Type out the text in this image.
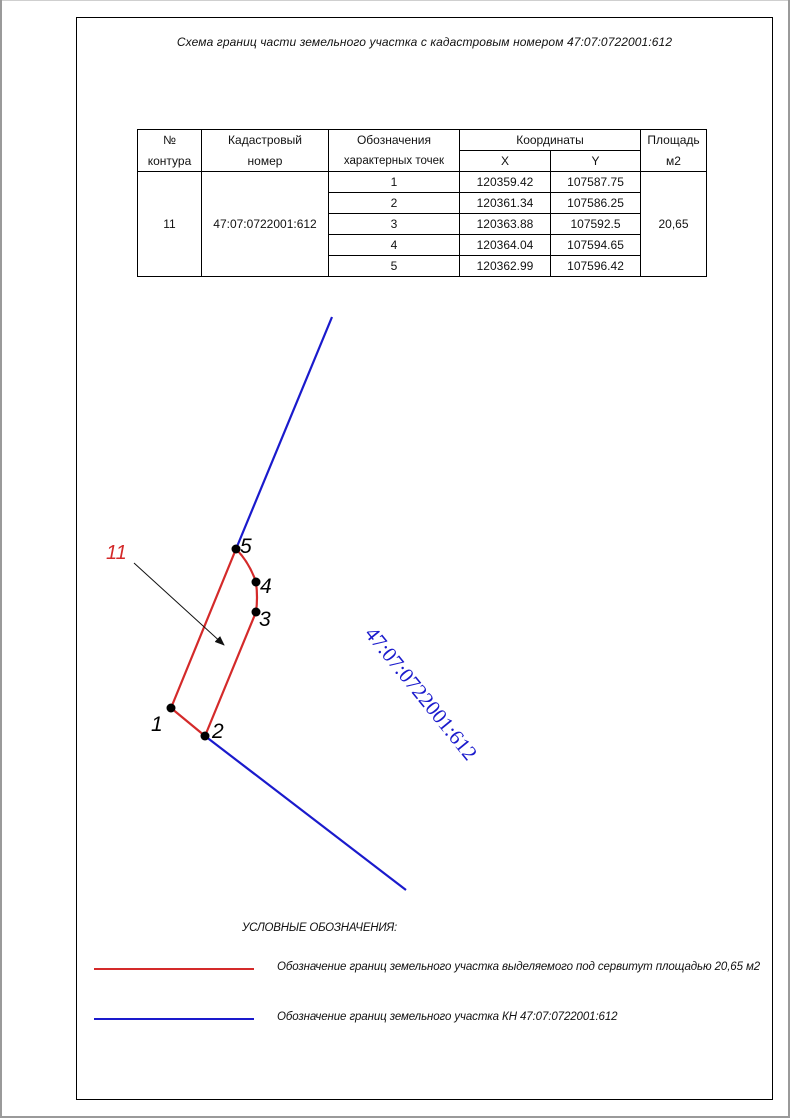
Схема границ части земельного участка с кадастровым номером 47:07:0722001:612
№	Кадастровый	Обозначения	Координаты		Площадь
контура	номер	характерных точек	X	Y	м2
11	47:07:0722001:612	1	120359.42	107587.75	20,65
		2	120361.34	107586.25	
		3	120363.88	107592.5	
		4	120364.04	107594.65	
		5	120362.99	107596.42	
1 2
3
4
5
11
47:07:0722001:612
УСЛОВНЫЕ ОБОЗНАЧЕНИЯ:
Обозначение границ земельного участка выделяемого под сервитут площадью 20,65 м2
Обозначение границ земельного участка КН 47:07:0722001:612
